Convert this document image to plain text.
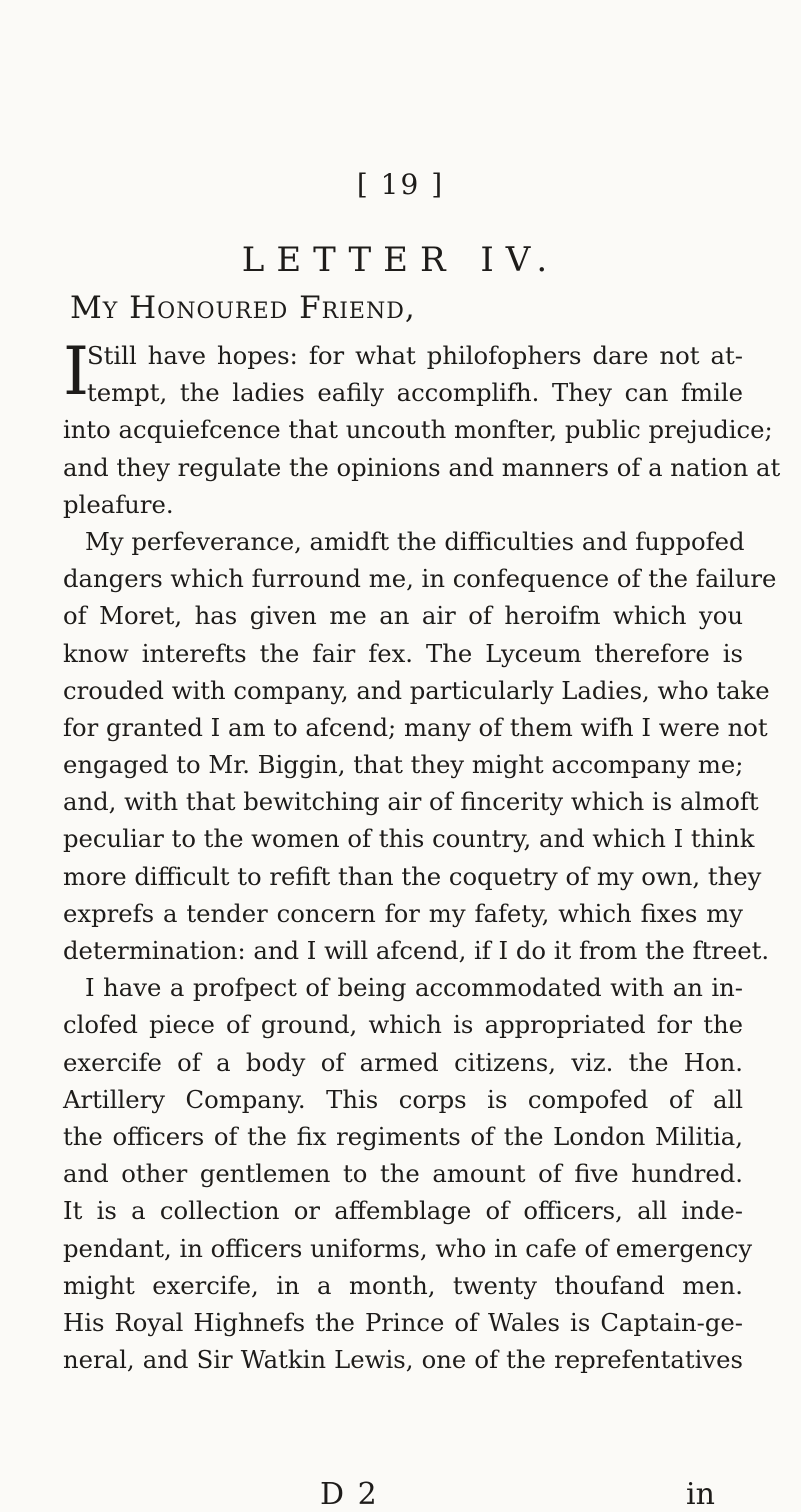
[ 19 ]
LETTER IV.
My Honoured Friend,
I
Still have hopes: for what philofophers dare not at-
tempt, the ladies eafily accomplifh. They can fmile
into acquiefcence that uncouth monfter, public prejudice;
and they regulate the opinions and manners of a nation at
pleafure.
My perfeverance, amidft the difficulties and fuppofed
dangers which furround me, in confequence of the failure
of Moret, has given me an air of heroifm which you
know interefts the fair fex. The Lyceum therefore is
crouded with company, and particularly Ladies, who take
for granted I am to afcend; many of them wifh I were not
engaged to Mr. Biggin, that they might accompany me;
and, with that bewitching air of fincerity which is almoft
peculiar to the women of this country, and which I think
more difficult to refift than the coquetry of my own, they
exprefs a tender concern for my fafety, which fixes my
determination: and I will afcend, if I do it from the ftreet.
I have a profpect of being accommodated with an in-
clofed piece of ground, which is appropriated for the
exercife of a body of armed citizens, viz. the Hon.
Artillery Company. This corps is compofed of all
the officers of the fix regiments of the London Militia,
and other gentlemen to the amount of five hundred.
It is a collection or affemblage of officers, all inde-
pendant, in officers uniforms, who in cafe of emergency
might exercife, in a month, twenty thoufand men.
His Royal Highnefs the Prince of Wales is Captain-ge-
neral, and Sir Watkin Lewis, one of the reprefentatives
D 2	in
